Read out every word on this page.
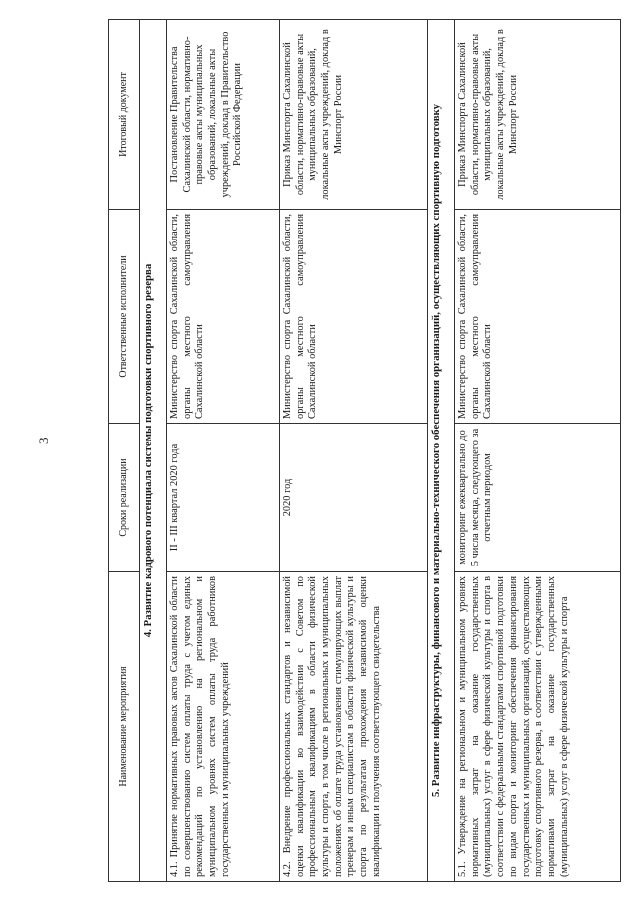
3
Наименование мероприятия	Сроки реализации	Ответственные исполнители	Итоговый документ
4. Развитие кадрового потенциала системы подготовки спортивного резерва			
4.1. Принятие нормативных правовых актов Сахалинской области по совершенствованию систем оплаты труда с учетом единых рекомендаций по установлению на региональном и муниципальном уровнях систем оплаты труда работников государственных и муниципальных учреждений	II - III квартал 2020 года	Министерство спорта Сахалинской области, органы местного самоуправления Сахалинской области	Постановление Правительства Сахалинской области, нормативно-правовые акты муниципальных образований, локальные акты учреждений, доклад в Правительство Российской Федерации
4.2. Внедрение профессиональных стандартов и независимой оценки квалификации во взаимодействии с Советом по профессиональным квалификациям в области физической культуры и спорта, в том числе в региональных и муниципальных положениях об оплате труда установления стимулирующих выплат тренерам и иным специалистам в области физической культуры и спорта по результатам прохождения независимой оценки квалификации и получения соответствующего свидетельства	2020 год	Министерство спорта Сахалинской области, органы местного самоуправления Сахалинской области	Приказ Минспорта Сахалинской области, нормативно-правовые акты муниципальных образований, локальные акты учреждений, доклад в Минспорт России
5. Развитие инфраструктуры, финансового и материально-технического обеспечения организаций, осуществляющих спортивную подготовку			
5.1. Утверждение на региональном и муниципальном уровнях нормативных затрат на оказание государственных (муниципальных) услуг в сфере физической культуры и спорта в соответствии с федеральными стандартами спортивной подготовки по видам спорта и мониторинг обеспечения финансирования государственных и муниципальных организаций, осуществляющих подготовку спортивного резерва, в соответствии с утвержденными нормативами затрат на оказание государственных (муниципальных) услуг в сфере физической культуры и спорта	мониторинг ежеквартально до 5 числа месяца, следующего за отчетным периодом	Министерство спорта Сахалинской области, органы местного самоуправления Сахалинской области	Приказ Минспорта Сахалинской области, нормативно-правовые акты муниципальных образований, локальные акты учреждений, доклад в Минспорт России
